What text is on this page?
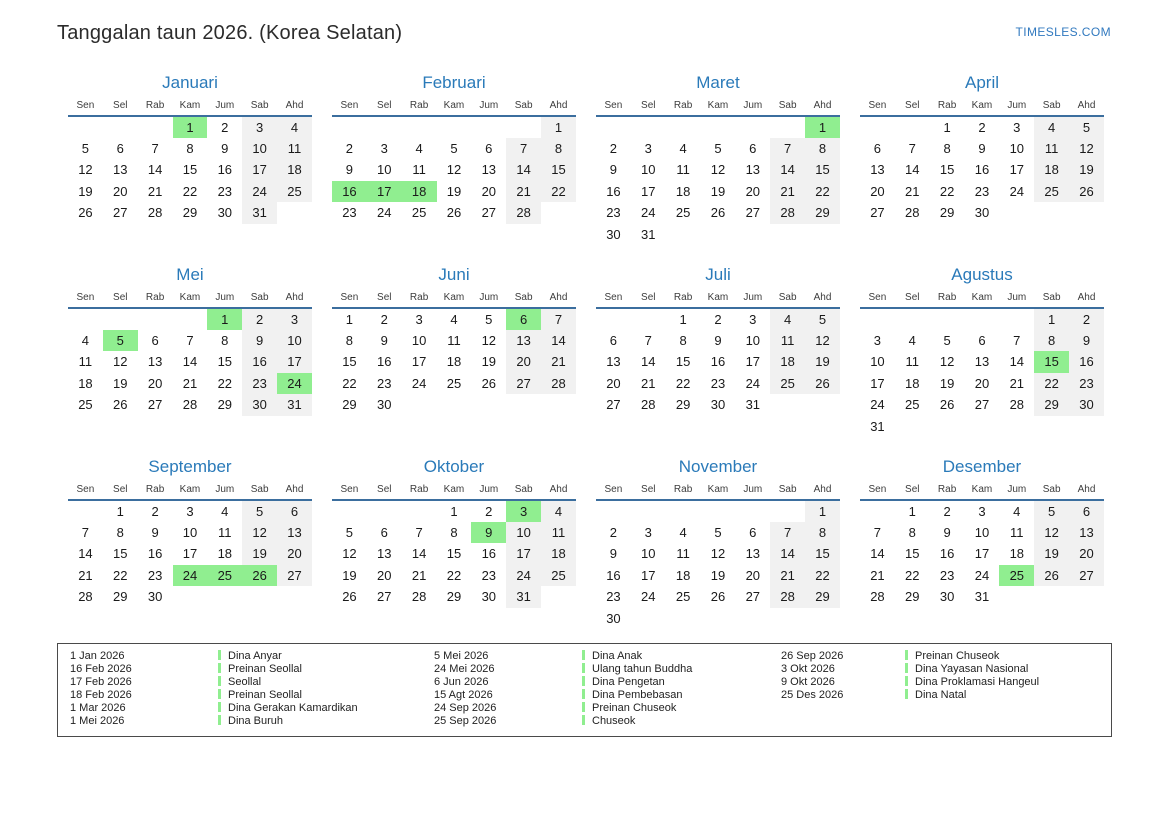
Tanggalan taun 2026. (Korea Selatan)	TIMESLES.COM
Januari
Sen	Sel	Rab	Kam	Jum	Sab	Ahd
			1	2	3	4
5	6	7	8	9	10	11
12	13	14	15	16	17	18
19	20	21	22	23	24	25
26	27	28	29	30	31	
Februari
Sen	Sel	Rab	Kam	Jum	Sab	Ahd
						1
2	3	4	5	6	7	8
9	10	11	12	13	14	15
16	17	18	19	20	21	22
23	24	25	26	27	28	
Maret
Sen	Sel	Rab	Kam	Jum	Sab	Ahd
						1
2	3	4	5	6	7	8
9	10	11	12	13	14	15
16	17	18	19	20	21	22
23	24	25	26	27	28	29
30	31					
April
Sen	Sel	Rab	Kam	Jum	Sab	Ahd
		1	2	3	4	5
6	7	8	9	10	11	12
13	14	15	16	17	18	19
20	21	22	23	24	25	26
27	28	29	30			
Mei
Sen	Sel	Rab	Kam	Jum	Sab	Ahd
				1	2	3
4	5	6	7	8	9	10
11	12	13	14	15	16	17
18	19	20	21	22	23	24
25	26	27	28	29	30	31
Juni
Sen	Sel	Rab	Kam	Jum	Sab	Ahd
1	2	3	4	5	6	7
8	9	10	11	12	13	14
15	16	17	18	19	20	21
22	23	24	25	26	27	28
29	30					
Juli
Sen	Sel	Rab	Kam	Jum	Sab	Ahd
		1	2	3	4	5
6	7	8	9	10	11	12
13	14	15	16	17	18	19
20	21	22	23	24	25	26
27	28	29	30	31		
Agustus
Sen	Sel	Rab	Kam	Jum	Sab	Ahd
					1	2
3	4	5	6	7	8	9
10	11	12	13	14	15	16
17	18	19	20	21	22	23
24	25	26	27	28	29	30
31						
September
Sen	Sel	Rab	Kam	Jum	Sab	Ahd
	1	2	3	4	5	6
7	8	9	10	11	12	13
14	15	16	17	18	19	20
21	22	23	24	25	26	27
28	29	30				
Oktober
Sen	Sel	Rab	Kam	Jum	Sab	Ahd
			1	2	3	4
5	6	7	8	9	10	11
12	13	14	15	16	17	18
19	20	21	22	23	24	25
26	27	28	29	30	31	
November
Sen	Sel	Rab	Kam	Jum	Sab	Ahd
						1
2	3	4	5	6	7	8
9	10	11	12	13	14	15
16	17	18	19	20	21	22
23	24	25	26	27	28	29
30						
Desember
Sen	Sel	Rab	Kam	Jum	Sab	Ahd
	1	2	3	4	5	6
7	8	9	10	11	12	13
14	15	16	17	18	19	20
21	22	23	24	25	26	27
28	29	30	31			
1 Jan 2026	Dina Anyar
16 Feb 2026	Preinan Seollal
17 Feb 2026	Seollal
18 Feb 2026	Preinan Seollal
1 Mar 2026	Dina Gerakan Kamardikan
1 Mei 2026	Dina Buruh
5 Mei 2026	Dina Anak
24 Mei 2026	Ulang tahun Buddha
6 Jun 2026	Dina Pengetan
15 Agt 2026	Dina Pembebasan
24 Sep 2026	Preinan Chuseok
25 Sep 2026	Chuseok
26 Sep 2026	Preinan Chuseok
3 Okt 2026	Dina Yayasan Nasional
9 Okt 2026	Dina Proklamasi Hangeul
25 Des 2026	Dina Natal
